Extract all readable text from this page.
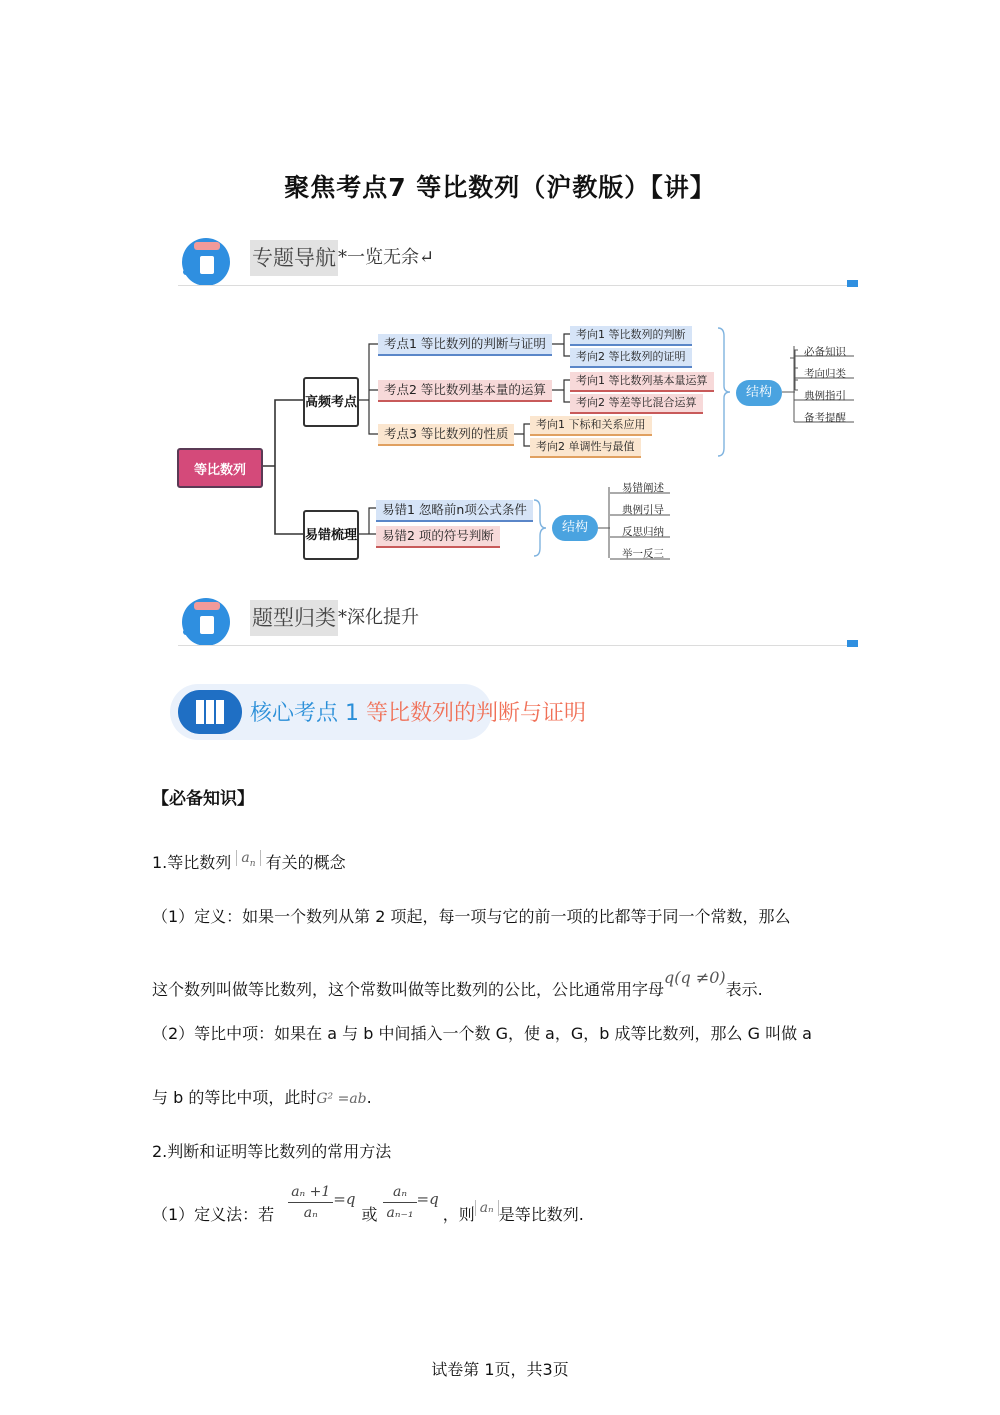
聚焦考点7 等比数列（沪教版）【讲】
专题导航 *一览无余↵
等比数列
高频考点
易错梳理
考点1 等比数列的判断与证明
考点2 等比数列基本量的运算
考点3 等比数列的性质
考向1 等比数列的判断
考向2 等比数列的证明
考向1 等比数列基本量运算
考向2 等差等比混合运算
考向1 下标和关系应用
考向2 单调性与最值
结构
必备知识
考向归类
典例指引
备考提醒
易错1 忽略前n项公式条件
易错2 项的符号判断
结构
易错阐述
典例引导
反思归纳
举一反三
题型归类 *深化提升
核心考点 1 等比数列的判断与证明
【必备知识】
1.等比数列 $a_n$ 有关的概念
（1）定义：如果一个数列从第 2 项起，每一项与它的前一项的比都等于同一个常数，那么
这个数列叫做等比数列，这个常数叫做等比数列的公比，公比通常用字母q(q ≠0)表示.
（2）等比中项：如果在 a 与 b 中间插入一个数 G，使 a，G，b 成等比数列，那么 G 叫做 a
与 b 的等比中项，此时G² =ab.
2.判断和证明等比数列的常用方法
（1）定义法：若 $\frac{\text{aₙ +1}}{\text{aₙ}} =q$
或 $\frac{\text{aₙ}}{\text{aₙ₋₁}} =q$
，则 aₙ 是等比数列.
试卷第 1页，共3页
